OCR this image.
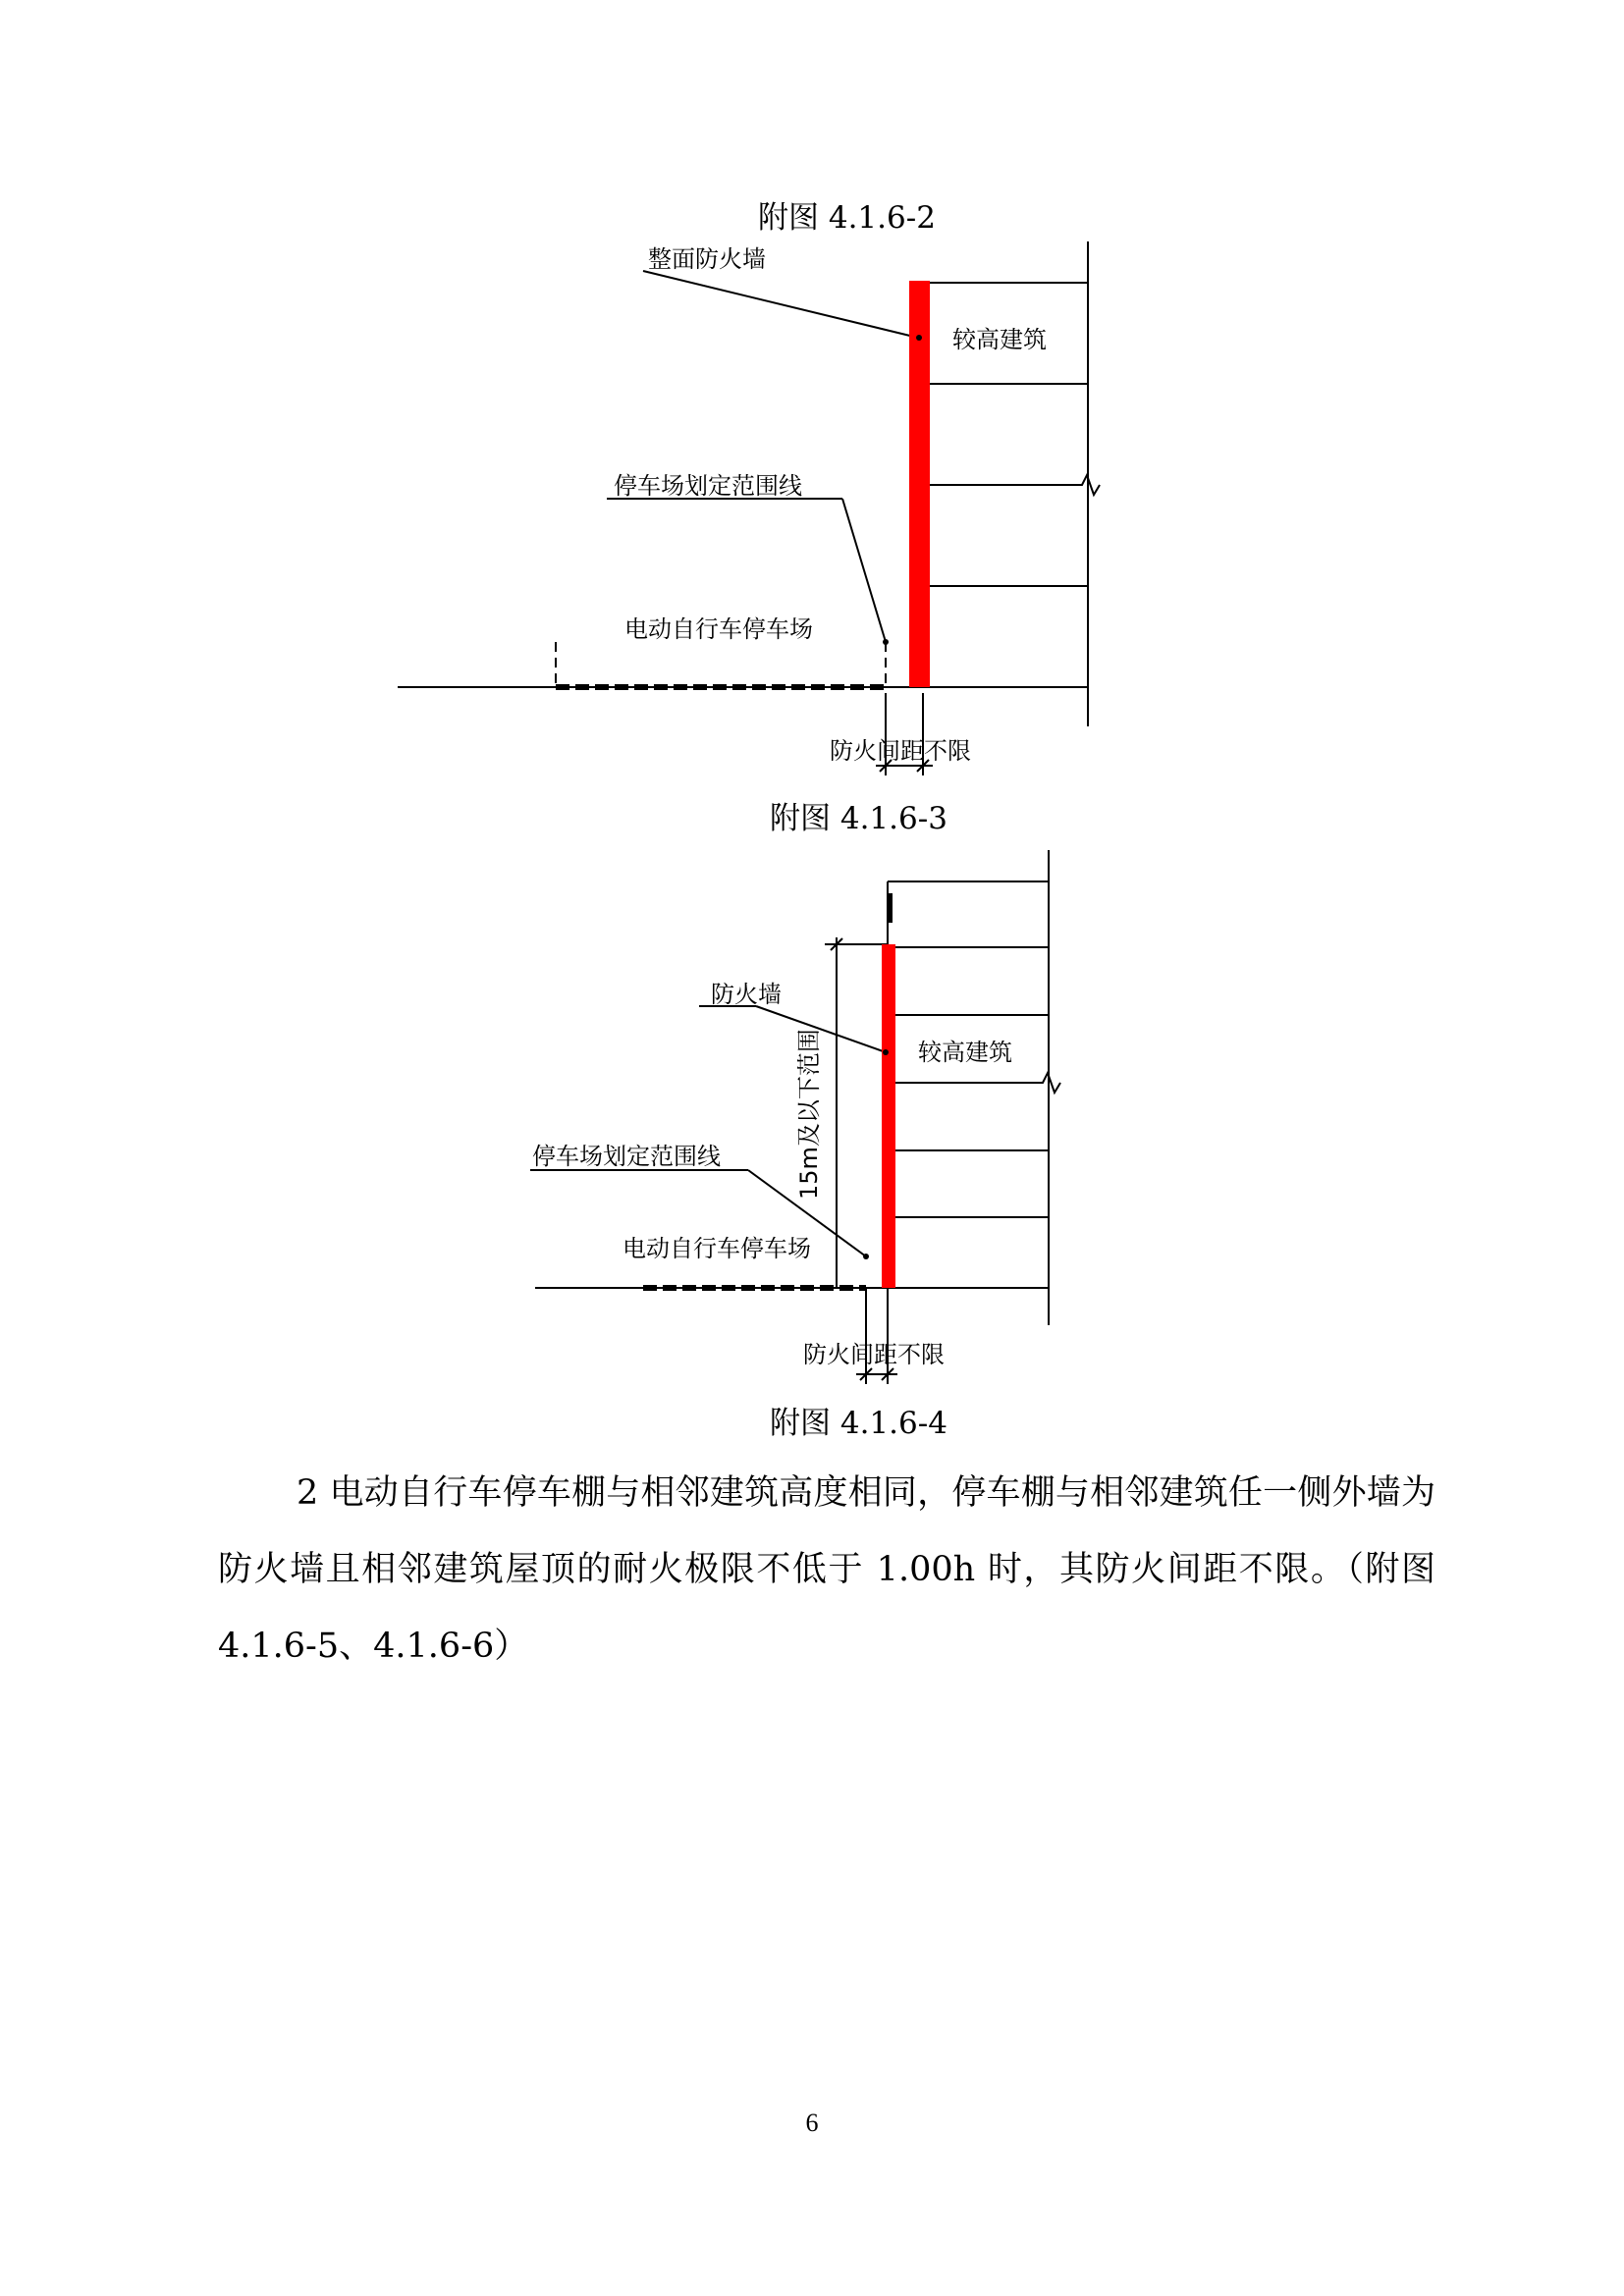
附图 4.1.6-2
整面防火墙
较高建筑
停车场划定范围线
电动自行车停车场
防火间距不限
附图 4.1.6-3
防火墙
较高建筑
15m及以下范围
停车场划定范围线
电动自行车停车场
防火间距不限
附图 4.1.6-4

2 电动自行车停车棚与相邻建筑高度相同，停车棚与相邻建筑任一侧外墙为防火墙且相邻建筑屋顶的耐火极限不低于 1.00h 时，其防火间距不限。（附图 4.1.6-5、4.1.6-6）

6
